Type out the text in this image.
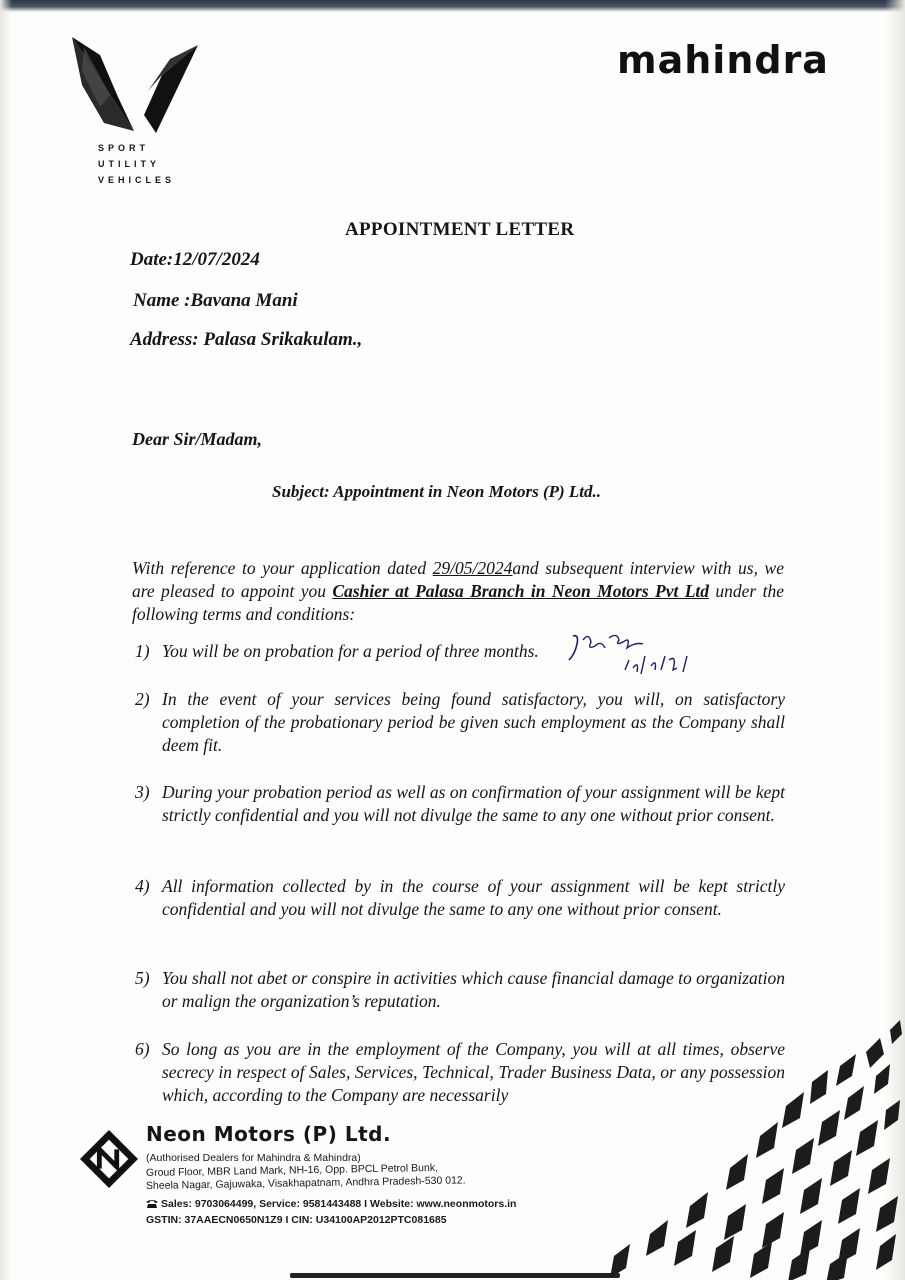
SPORT
UTILITY
VEHICLES
mahindra
APPOINTMENT LETTER
Date:12/07/2024
Name :Bavana Mani
Address: Palasa Srikakulam.,
Dear Sir/Madam,
Subject: Appointment in Neon Motors (P) Ltd..

With reference to your application dated 29/05/2024and subsequent interview with us, we are pleased to appoint you Cashier at Palasa Branch in Neon Motors Pvt Ltd under the following terms and conditions:

1) You will be on probation for a period of three months.
2) In the event of your services being found satisfactory, you will, on satisfactory completion of the probationary period be given such employment as the Company shall deem fit.
3) During your probation period as well as on confirmation of your assignment will be kept strictly confidential and you will not divulge the same to any one without prior consent.
4) All information collected by in the course of your assignment will be kept strictly confidential and you will not divulge the same to any one without prior consent.
5) You shall not abet or conspire in activities which cause financial damage to organization or malign the organization’s reputation.
6) So long as you are in the employment of the Company, you will at all times, observe secrecy in respect of Sales, Services, Technical, Trader Business Data, or any possession which, according to the Company are necessarily
Neon Motors (P) Ltd.
(Authorised Dealers for Mahindra & Mahindra)
Groud Floor, MBR Land Mark, NH-16, Opp. BPCL Petrol Bunk,
Sheela Nagar, Gajuwaka, Visakhapatnam, Andhra Pradesh-530 012.
Sales: 9703064499, Service: 9581443488 I Website: www.neonmotors.in
GSTIN: 37AAECN0650N1Z9 I CIN: U34100AP2012PTC081685
